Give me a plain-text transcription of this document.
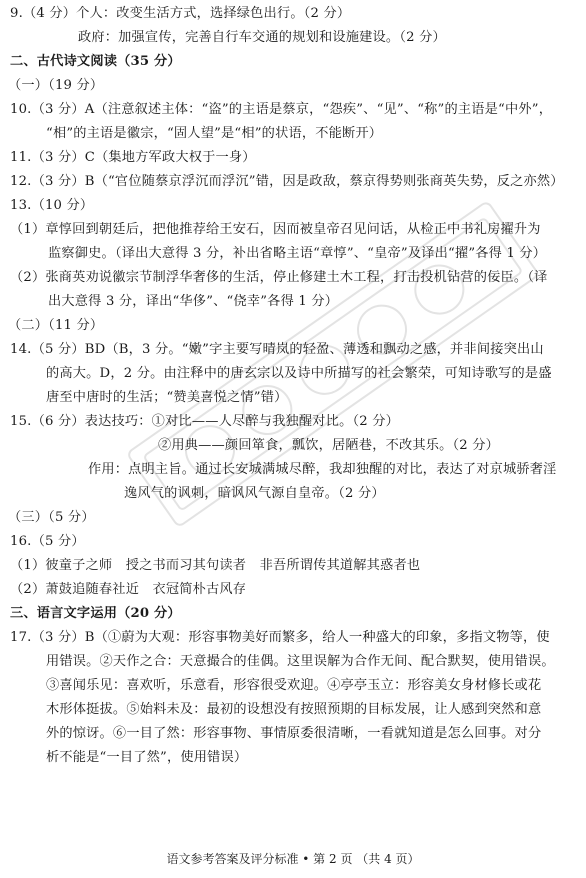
9.（4 分）个人：改变生活方式，选择绿色出行。（2 分）
政府：加强宣传，完善自行车交通的规划和设施建设。（2 分）
二、古代诗文阅读（35 分）
（一）（19 分）
10.（3 分）A（注意叙述主体：“盗”的主语是蔡京，“怨疾”、“见”、“称”的主语是“中外”，
“相”的主语是徽宗，“固人望”是“相”的状语，不能断开）
11.（3 分）C（集地方军政大权于一身）
12.（3 分）B（“官位随蔡京浮沉而浮沉”错，因是政敌，蔡京得势则张商英失势，反之亦然）
13.（10 分）
（1）章惇回到朝廷后，把他推荐给王安石，因而被皇帝召见问话，从检正中书礼房擢升为
监察御史。（译出大意得 3 分，补出省略主语“章惇”、“皇帝”及译出“擢”各得 1 分）
（2）张商英劝说徽宗节制浮华奢侈的生活，停止修建土木工程，打击投机钻营的佞臣。（译
出大意得 3 分，译出“华侈”、“侥幸”各得 1 分）
（二）（11 分）
14.（5 分）BD（B，3 分。“嫩”字主要写晴岚的轻盈、薄透和飘动之感，并非间接突出山
的高大。D，2 分。由注释中的唐玄宗以及诗中所描写的社会繁荣，可知诗歌写的是盛
唐至中唐时的生活；“赞美喜悦之情”错）
15.（6 分）表达技巧：①对比——人尽醉与我独醒对比。（2 分）
②用典——颜回箪食，瓢饮，居陋巷，不改其乐。（2 分）
作用：点明主旨。通过长安城满城尽醉，我却独醒的对比，表达了对京城骄奢淫
逸风气的讽刺，暗讽风气源自皇帝。（2 分）
（三）（5 分）
16.（5 分）
（1）彼童子之师　授之书而习其句读者　非吾所谓传其道解其惑者也
（2）萧鼓追随春社近　衣冠简朴古风存
三、语言文字运用（20 分）
17.（3 分）B（①蔚为大观：形容事物美好而繁多，给人一种盛大的印象，多指文物等，使
用错误。②天作之合：天意撮合的佳偶。这里误解为合作无间、配合默契，使用错误。
③喜闻乐见：喜欢听，乐意看，形容很受欢迎。④亭亭玉立：形容美女身材修长或花
木形体挺拔。⑤始料未及：最初的设想没有按照预期的目标发展，让人感到突然和意
外的惊讶。⑥一目了然：形容事物、事情原委很清晰，一看就知道是怎么回事。对分
析不能是“一目了然”，使用错误）
语文参考答案及评分标准 • 第 2 页 （共 4 页）
